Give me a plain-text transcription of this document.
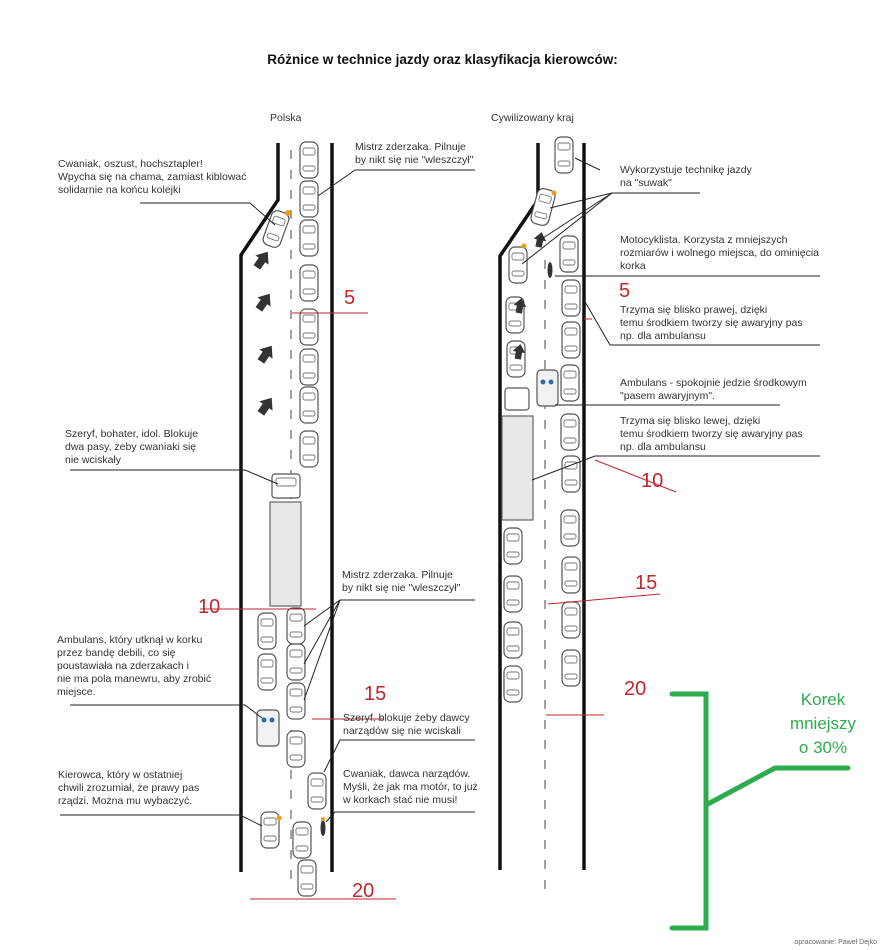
Różnice w technice jazdy oraz klasyfikacja kierowców:
Polska	Cywilizowany kraj
Cwaniak, oszust, hochsztapler!
Wpycha się na chama, zamiast kiblować
solidarnie na końcu kolejki
Mistrz zderzaka. Pilnuje
by nikt się nie "wleszczył"
Szeryf, bohater, idol. Blokuje
dwa pasy, żeby cwaniaki się
nie wciskały
Mistrz zderzaka. Pilnuje
by nikt się nie "wleszczył"
Ambulans, który utknął w korku
przez bandę debili, co się
poustawiała na zderzakach i
nie ma pola manewru, aby zrobić
miejsce.
Szeryf, blokuje żeby dawcy
narządów się nie wciskali
Kierowca, który w ostatniej
chwili zrozumiał, że prawy pas
rządzi. Można mu wybaczyć.
Cwaniak, dawca narządów.
Myśli, że jak ma motór, to już
w korkach stać nie musi!
Wykorzystuje technikę jazdy
na "suwak"
Motocyklista. Korzysta z mniejszych
rozmiarów i wolnego miejsca, do ominięcia
korka
Trzyma się blisko prawej, dzięki
temu środkiem tworzy się awaryjny pas
np. dla ambulansu
Ambulans - spokojnie jedzie środkowym
"pasem awaryjnym".
Trzyma się blisko lewej, dzięki
temu środkiem tworzy się awaryjny pas
np. dla ambulansu
5
10
15
20
5
10
15
20	Korek
mniejszy
o 30%
opracowanie: Paweł Dejko
